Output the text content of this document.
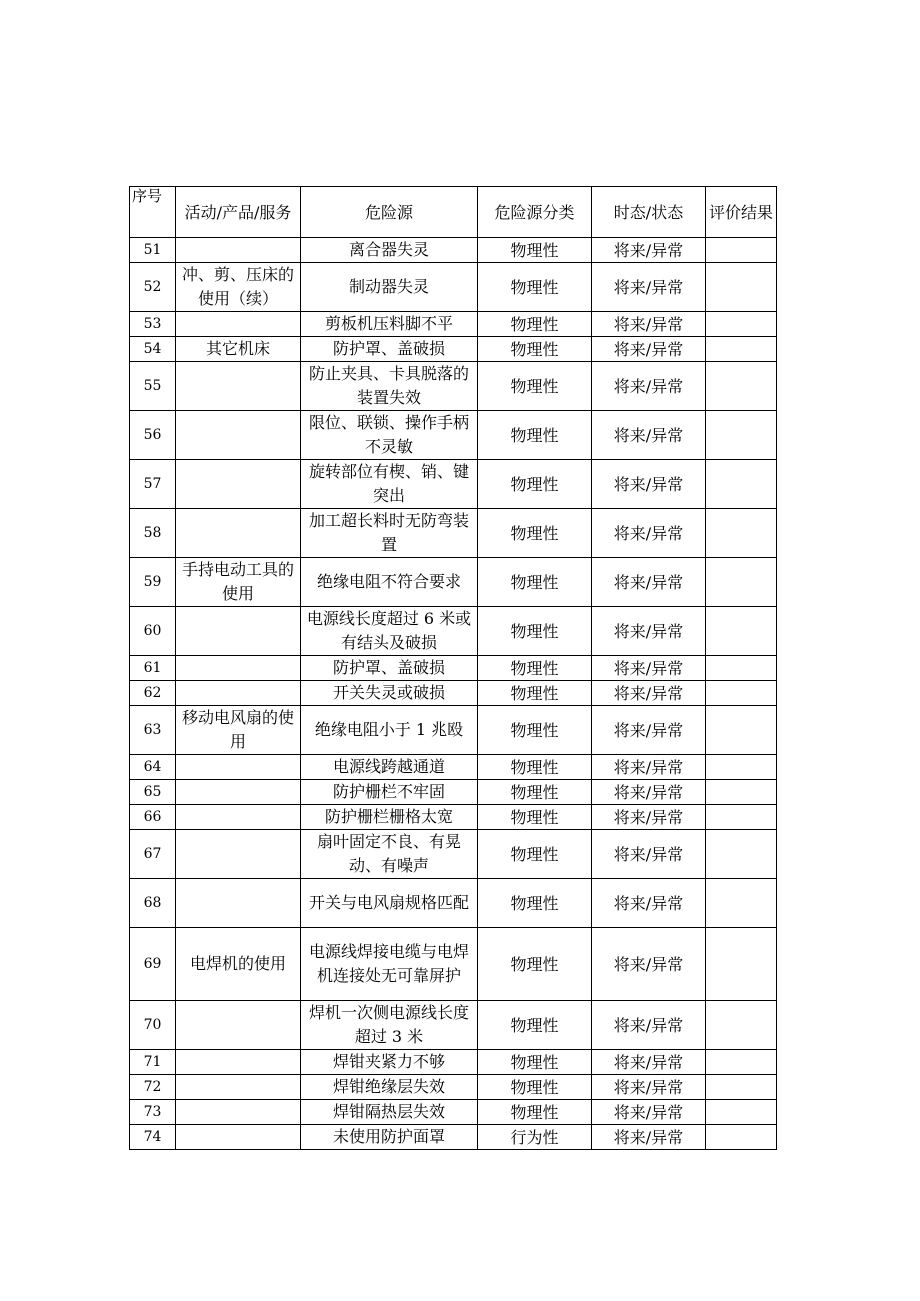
序号	活动/产品/服务	危险源	危险源分类	时态/状态	评价结果
51		离合器失灵	物理性	将来/异常	
52	冲、剪、压床的使用（续）	制动器失灵	物理性	将来/异常	
53		剪板机压料脚不平	物理性	将来/异常	
54	其它机床	防护罩、盖破损	物理性	将来/异常	
55		防止夹具、卡具脱落的装置失效	物理性	将来/异常	
56		限位、联锁、操作手柄不灵敏	物理性	将来/异常	
57		旋转部位有楔、销、键突出	物理性	将来/异常	
58		加工超长料时无防弯装置	物理性	将来/异常	
59	手持电动工具的使用	绝缘电阻不符合要求	物理性	将来/异常	
60		电源线长度超过 6 米或有结头及破损	物理性	将来/异常	
61		防护罩、盖破损	物理性	将来/异常	
62		开关失灵或破损	物理性	将来/异常	
63	移动电风扇的使用	绝缘电阻小于 1 兆殴	物理性	将来/异常	
64		电源线跨越通道	物理性	将来/异常	
65		防护栅栏不牢固	物理性	将来/异常	
66		防护栅栏栅格太宽	物理性	将来/异常	
67		扇叶固定不良、有晃动、有噪声	物理性	将来/异常	
68		开关与电风扇规格匹配	物理性	将来/异常	
69	电焊机的使用	电源线焊接电缆与电焊机连接处无可靠屏护	物理性	将来/异常	
70		焊机一次侧电源线长度超过 3 米	物理性	将来/异常	
71		焊钳夹紧力不够	物理性	将来/异常	
72		焊钳绝缘层失效	物理性	将来/异常	
73		焊钳隔热层失效	物理性	将来/异常	
74		未使用防护面罩	行为性	将来/异常	
